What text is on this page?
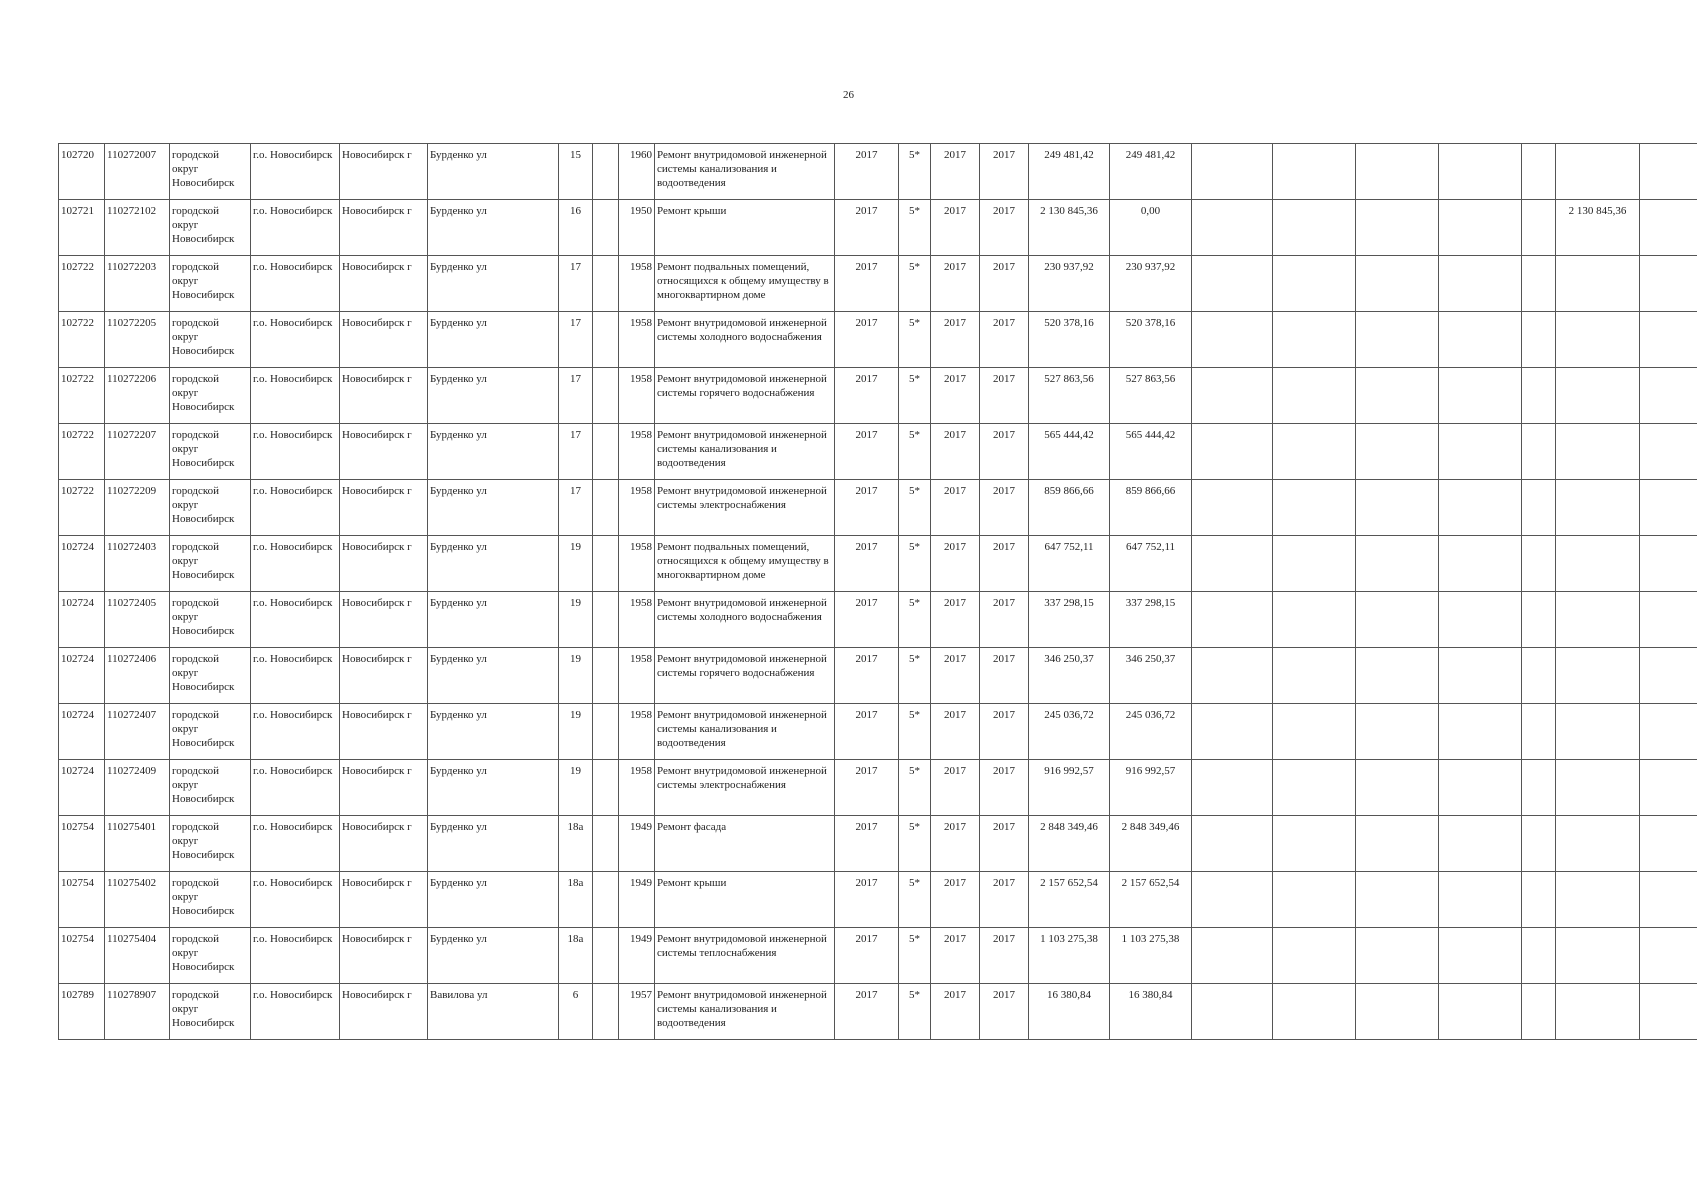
26
102720	110272007	городской округ Новосибирск	г.о. Новосибирск	Новосибирск г	Бурденко ул	15		1960	Ремонт внутридомовой инженерной системы канализования и водоотведения	2017	5*	2017	2017	249 481,42	249 481,42							
102721	110272102	городской округ Новосибирск	г.о. Новосибирск	Новосибирск г	Бурденко ул	16		1950	Ремонт крыши	2017	5*	2017	2017	2 130 845,36	0,00						2 130 845,36	
102722	110272203	городской округ Новосибирск	г.о. Новосибирск	Новосибирск г	Бурденко ул	17		1958	Ремонт подвальных помещений, относящихся к общему имуществу в многоквартирном доме	2017	5*	2017	2017	230 937,92	230 937,92							
102722	110272205	городской округ Новосибирск	г.о. Новосибирск	Новосибирск г	Бурденко ул	17		1958	Ремонт внутридомовой инженерной системы холодного водоснабжения	2017	5*	2017	2017	520 378,16	520 378,16							
102722	110272206	городской округ Новосибирск	г.о. Новосибирск	Новосибирск г	Бурденко ул	17		1958	Ремонт внутридомовой инженерной системы горячего водоснабжения	2017	5*	2017	2017	527 863,56	527 863,56							
102722	110272207	городской округ Новосибирск	г.о. Новосибирск	Новосибирск г	Бурденко ул	17		1958	Ремонт внутридомовой инженерной системы канализования и водоотведения	2017	5*	2017	2017	565 444,42	565 444,42							
102722	110272209	городской округ Новосибирск	г.о. Новосибирск	Новосибирск г	Бурденко ул	17		1958	Ремонт внутридомовой инженерной системы электроснабжения	2017	5*	2017	2017	859 866,66	859 866,66							
102724	110272403	городской округ Новосибирск	г.о. Новосибирск	Новосибирск г	Бурденко ул	19		1958	Ремонт подвальных помещений, относящихся к общему имуществу в многоквартирном доме	2017	5*	2017	2017	647 752,11	647 752,11							
102724	110272405	городской округ Новосибирск	г.о. Новосибирск	Новосибирск г	Бурденко ул	19		1958	Ремонт внутридомовой инженерной системы холодного водоснабжения	2017	5*	2017	2017	337 298,15	337 298,15							
102724	110272406	городской округ Новосибирск	г.о. Новосибирск	Новосибирск г	Бурденко ул	19		1958	Ремонт внутридомовой инженерной системы горячего водоснабжения	2017	5*	2017	2017	346 250,37	346 250,37							
102724	110272407	городской округ Новосибирск	г.о. Новосибирск	Новосибирск г	Бурденко ул	19		1958	Ремонт внутридомовой инженерной системы канализования и водоотведения	2017	5*	2017	2017	245 036,72	245 036,72							
102724	110272409	городской округ Новосибирск	г.о. Новосибирск	Новосибирск г	Бурденко ул	19		1958	Ремонт внутридомовой инженерной системы электроснабжения	2017	5*	2017	2017	916 992,57	916 992,57							
102754	110275401	городской округ Новосибирск	г.о. Новосибирск	Новосибирск г	Бурденко ул	18а		1949	Ремонт фасада	2017	5*	2017	2017	2 848 349,46	2 848 349,46							
102754	110275402	городской округ Новосибирск	г.о. Новосибирск	Новосибирск г	Бурденко ул	18а		1949	Ремонт крыши	2017	5*	2017	2017	2 157 652,54	2 157 652,54							
102754	110275404	городской округ Новосибирск	г.о. Новосибирск	Новосибирск г	Бурденко ул	18а		1949	Ремонт внутридомовой инженерной системы теплоснабжения	2017	5*	2017	2017	1 103 275,38	1 103 275,38							
102789	110278907	городской округ Новосибирск	г.о. Новосибирск	Новосибирск г	Вавилова ул	6		1957	Ремонт внутридомовой инженерной системы канализования и водоотведения	2017	5*	2017	2017	16 380,84	16 380,84							
